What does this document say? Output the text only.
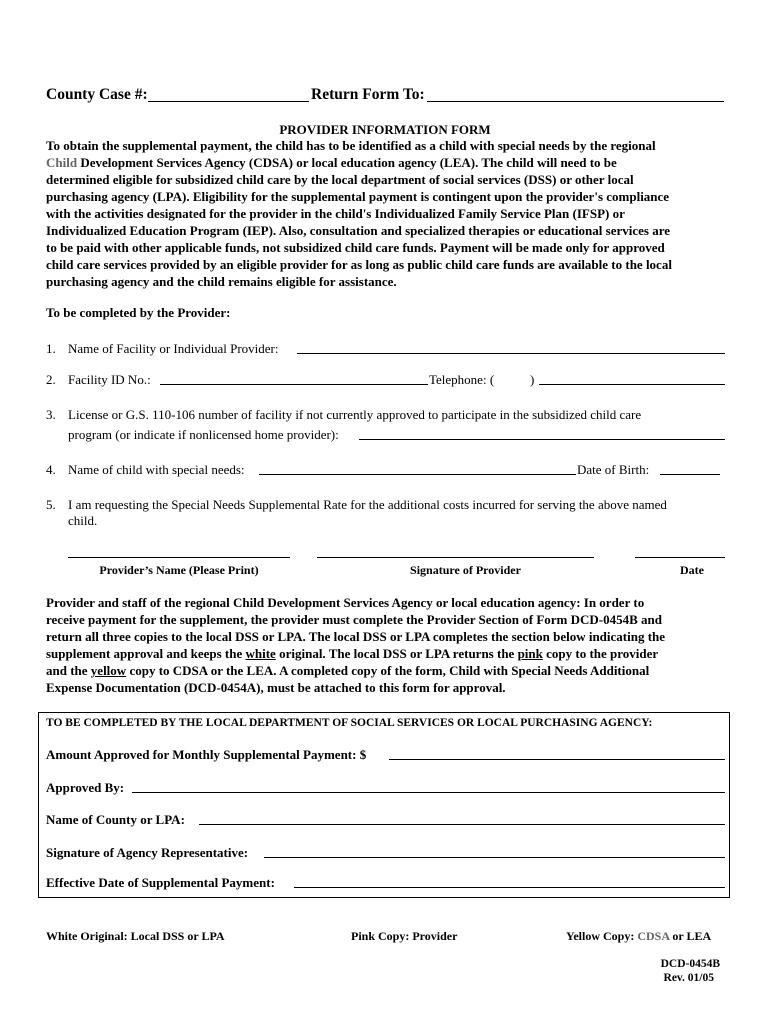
County Case #:	Return Form To:
PROVIDER INFORMATION FORM
To obtain the supplemental payment, the child has to be identified as a child with special needs by the regional
Child Development Services Agency (CDSA) or local education agency (LEA). The child will need to be
determined eligible for subsidized child care by the local department of social services (DSS) or other local
purchasing agency (LPA). Eligibility for the supplemental payment is contingent upon the provider's compliance
with the activities designated for the provider in the child's Individualized Family Service Plan (IFSP) or
Individualized Education Program (IEP). Also, consultation and specialized therapies or educational services are
to be paid with other applicable funds, not subsidized child care funds. Payment will be made only for approved
child care services provided by an eligible provider for as long as public child care funds are available to the local
purchasing agency and the child remains eligible for assistance.
To be completed by the Provider:
1. Name of Facility or Individual Provider:
2. Facility ID No.:	Telephone: (	)
3. License or G.S. 110-106 number of facility if not currently approved to participate in the subsidized child care
program (or indicate if nonlicensed home provider):
4. Name of child with special needs:	Date of Birth:
5. I am requesting the Special Needs Supplemental Rate for the additional costs incurred for serving the above named
child.
Provider’s Name (Please Print)	Signature of Provider	Date
Provider and staff of the regional Child Development Services Agency or local education agency: In order to
receive payment for the supplement, the provider must complete the Provider Section of Form DCD-0454B and
return all three copies to the local DSS or LPA. The local DSS or LPA completes the section below indicating the
supplement approval and keeps the white original. The local DSS or LPA returns the pink copy to the provider
and the yellow copy to CDSA or the LEA. A completed copy of the form, Child with Special Needs Additional
Expense Documentation (DCD-0454A), must be attached to this form for approval.
TO BE COMPLETED BY THE LOCAL DEPARTMENT OF SOCIAL SERVICES OR LOCAL PURCHASING AGENCY:
Amount Approved for Monthly Supplemental Payment: $
Approved By:
Name of County or LPA:
Signature of Agency Representative:
Effective Date of Supplemental Payment:
White Original: Local DSS or LPA	Pink Copy: Provider	Yellow Copy: CDSA or LEA
DCD-0454B
Rev. 01/05
